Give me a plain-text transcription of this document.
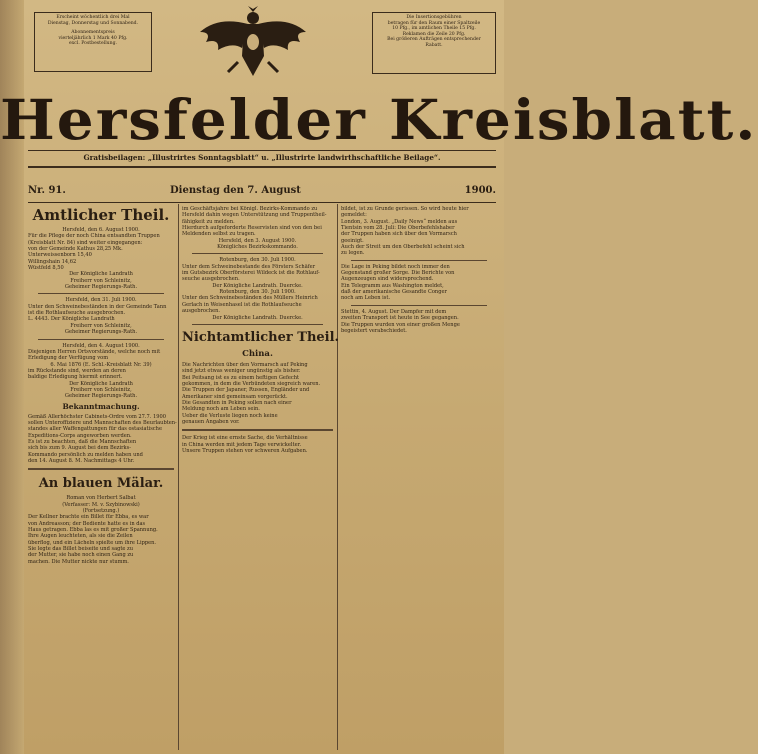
Erscheint wöchentlich drei Mal
Dienstag, Donnerstag und Sonnabend.
Abonnementspreis
vierteljährlich 1 Mark 40 Pfg.
excl. Postbestellung.
Die Insertionsgebühren
betragen für den Raum einer Spaltzeile
10 Pfg., im amtlichen Theile 15 Pfg.
Reklamen die Zeile 20 Pfg.
Bei größeren Aufträgen entsprechender
Rabatt.
Hersfelder Kreisblatt.
Gratisbeilagen: „Illustrirtes Sonntagsblatt“ u. „Illustrirte landwirthschaftliche Beilage“.
Nr. 91.	Dienstag den 7. August	1900.
Amtlicher Theil.

Hersfeld, den 6. August 1900.

Für die Pflege der noch China entsandten Truppen

(Kreisblatt Nr. 84) sind weiter eingegangen:

von der Gemeinde Kathus 28,25 Mk.

Unterweissenborn 15,40

Willingshain 14,62

Wüstfeld 8,50

Der Königliche Landrath

Freiherr von Schleinitz,

Geheimer Regierungs-Rath.

Hersfeld, den 31. Juli 1900.

Unter den Schweinebeständen in der Gemeinde Tann

ist die Rothlaufseuche ausgebrochen.

L. 4443. Der Königliche Landrath

Freiherr von Schleinitz,

Geheimer Regierungs-Rath.

Hersfeld, den 4. August 1900.

Diejenigen Herren Ortsvorstände, welche noch mit

Erledigung der Verfügung vom

6. Mai 1876 (E. Schl.-Kreisblatt Nr. 39)

im Rückstande sind, werden an deren

baldige Erledigung hiermit erinnert.

Der Königliche Landrath

Freiherr von Schleinitz,

Geheimer Regierungs-Rath.

Bekanntmachung.

Gemäß Allerhöchster Cabinets-Ordre vom 27.7. 1900

sollen Unteroffiziere und Mannschaften des Beurlaubten-

standes aller Waffengattungen für das ostasiatische

Expeditions-Corps angeworben werden.

Es ist zu beachten, daß die Mannschaften

sich bis zum 9. August bei dem Bezirks-

Kommando persönlich zu melden haben und

den 14. August 8. M. Nachmittags 4 Uhr.

An blauen Mälar.

Roman von Herbert Salbat

(Verfasser: M. v. Szybinowski)

(Fortsetzung.)

Der Kellner brachte ein Billet für Ebba, es war

von Andreasson; der Bediente hatte es in das

Haus getragen. Ebba las es mit großer Spannung.

Ihre Augen leuchteten, als sie die Zeilen

überflog, und ein Lächeln spielte um ihre Lippen.

Sie legte das Billet beiseite und sagte zu

der Mutter, sie habe noch einen Gang zu

machen. Die Mutter nickte nur stumm.

im Geschäftsjahre bei Königl. Bezirks-Kommando zu

Hersfeld dahin wegen Unterstützung und Truppentheil-

fähigkeit zu melden.

Hierdurch aufgeforderte Reservisten sind von den bei

Meldenden selbst zu tragen.

Hersfeld, den 3. August 1900.

Königliches Bezirkskommando.

Rotenburg, den 30. Juli 1900.

Unter dem Schweinebestande des Försters Schäfer

im Gutsbezirk Oberförsterei Wildeck ist die Rothlauf-

seuche ausgebrochen.

Der Königliche Landrath. Duercke.

Rotenburg, den 30. Juli 1900.

Unter den Schweinebeständen des Müllers Heinrich

Gerlach in Weisenhasel ist die Rothlaufseuche

ausgebrochen.

Der Königliche Landrath. Duercke.

Nichtamtlicher Theil.
China.

Die Nachrichten über den Vormarsch auf Peking

sind jetzt etwas weniger ungünstig als bisher.

Bei Peitsang ist es zu einem heftigen Gefecht

gekommen, in dem die Verbündeten siegreich waren.

Die Truppen der Japaner, Russen, Engländer und

Amerikaner sind gemeinsam vorgerückt.

Die Gesandten in Peking sollen nach einer

Meldung noch am Leben sein.

Ueber die Verluste liegen noch keine

genauen Angaben vor.

Der Krieg ist eine ernste Sache, die Verhältnisse

in China werden mit jedem Tage verwickelter.

Unsere Truppen stehen vor schweren Aufgaben.

bildet, ist zu Grunde gerissen. So wird heute hier

gemeldet:

London, 3. August. „Daily News“ melden aus

Tientsin vom 28. Juli: Die Oberbefehlshaber

der Truppen haben sich über den Vormarsch

geeinigt.

Auch der Streit um den Oberbefehl scheint sich

zu legen.

Die Lage in Peking bildet noch immer den

Gegenstand großer Sorge. Die Berichte von

Augenzeugen sind widersprechend.

Ein Telegramm aus Washington meldet,

daß der amerikanische Gesandte Conger

noch am Leben ist.

Stettin, 4. August. Der Dampfer mit dem

zweiten Transport ist heute in See gegangen.

Die Truppen wurden von einer großen Menge

begeistert verabschiedet.
